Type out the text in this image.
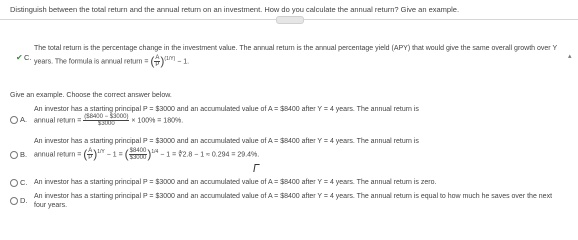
Distinguish between the total return and the annual return on an investment. How do you calculate the annual return? Give an example.
✔ C.
The total return is the percentage change in the investment value. The annual return is the annual percentage yield (APY) that would give the same overall growth over Y
years. The formula is annual return = ( $\frac{A}{P} )^{(1/Y)} - 1$.
▴
Give an example. Choose the correct answer below.
A.
An investor has a starting principal P = $3000 and an accumulated value of A = $8400 after Y = 4 years. The annual return is
annual return = $\frac{(\$8400 - \$3000)}{\$3000} \times 100\% = 180\%$.
B.
An investor has a starting principal P = $3000 and an accumulated value of A = $8400 after Y = 4 years. The annual return is
annual return = ( $\frac{A}{P} )^{1/Y} - 1$ = ( $\frac{\$8400}{\$3000} )^{1/4} - 1$ = ∜2.8 − 1 ≈ 0.294 = 29.4%.
C. An investor has a starting principal P = $3000 and an accumulated value of A = $8400 after Y = 4 years. The annual return is zero.
D. An investor has a starting principal P = $3000 and an accumulated value of A = $8400 after Y = 4 years. The annual return is equal to how much he saves over the next
four years.
